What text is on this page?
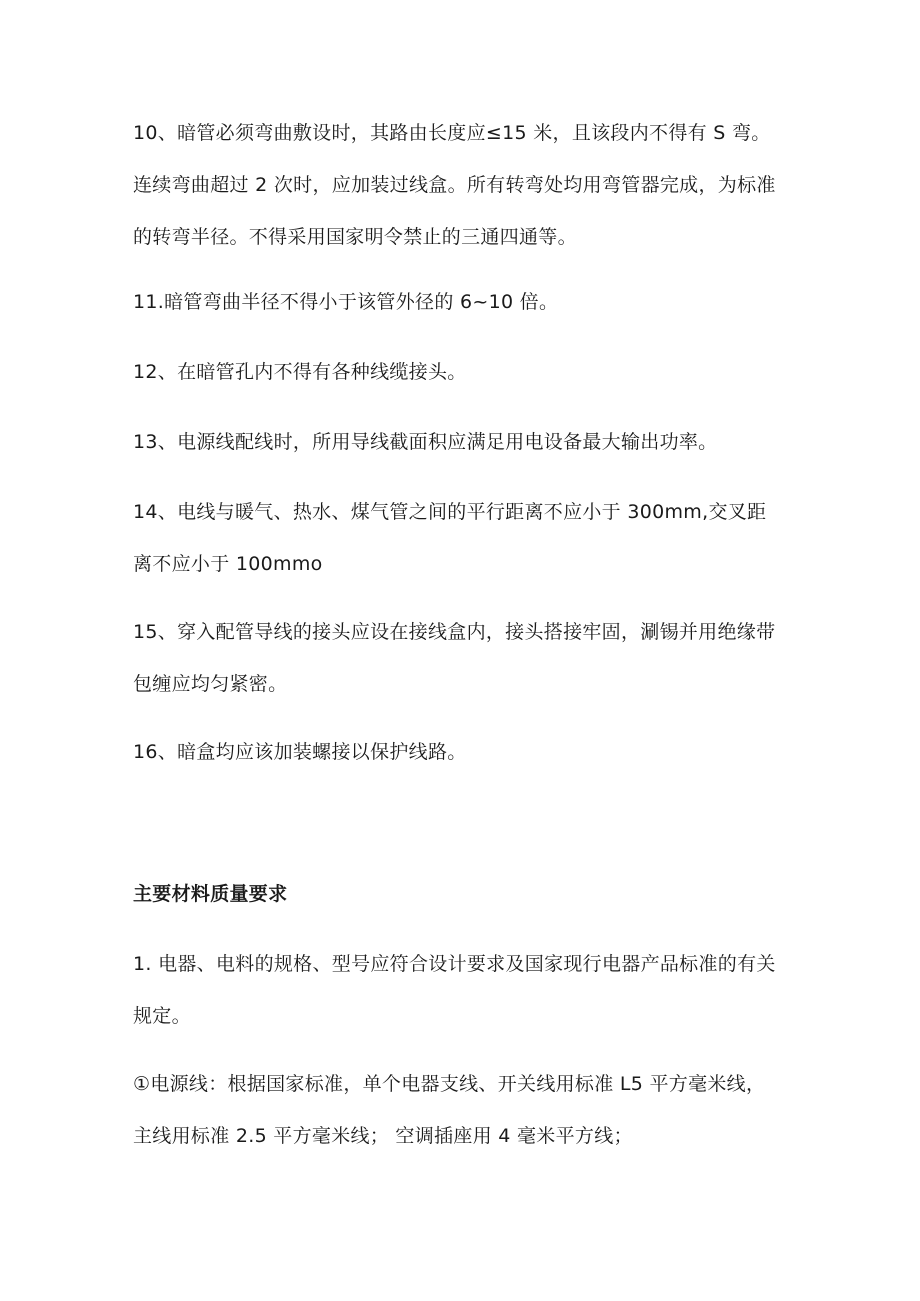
10、暗管必须弯曲敷设时，其路由长度应≤15 米，且该段内不得有 S 弯。
连续弯曲超过 2 次时，应加装过线盒。所有转弯处均用弯管器完成，为标准
的转弯半径。不得采用国家明令禁止的三通四通等。
11.暗管弯曲半径不得小于该管外径的 6~10 倍。
12、在暗管孔内不得有各种线缆接头。
13、电源线配线时，所用导线截面积应满足用电设备最大输出功率。
14、电线与暖气、热水、煤气管之间的平行距离不应小于 300mm,交叉距
离不应小于 100mmo
15、穿入配管导线的接头应设在接线盒内，接头搭接牢固，涮锡并用绝缘带
包缠应均匀紧密。
16、暗盒均应该加装螺接以保护线路。
主要材料质量要求
1. 电器、电料的规格、型号应符合设计要求及国家现行电器产品标准的有关
规定。
①电源线：根据国家标准，单个电器支线、开关线用标准 L5 平方毫米线，
主线用标准 2.5 平方毫米线； 空调插座用 4 毫米平方线；
